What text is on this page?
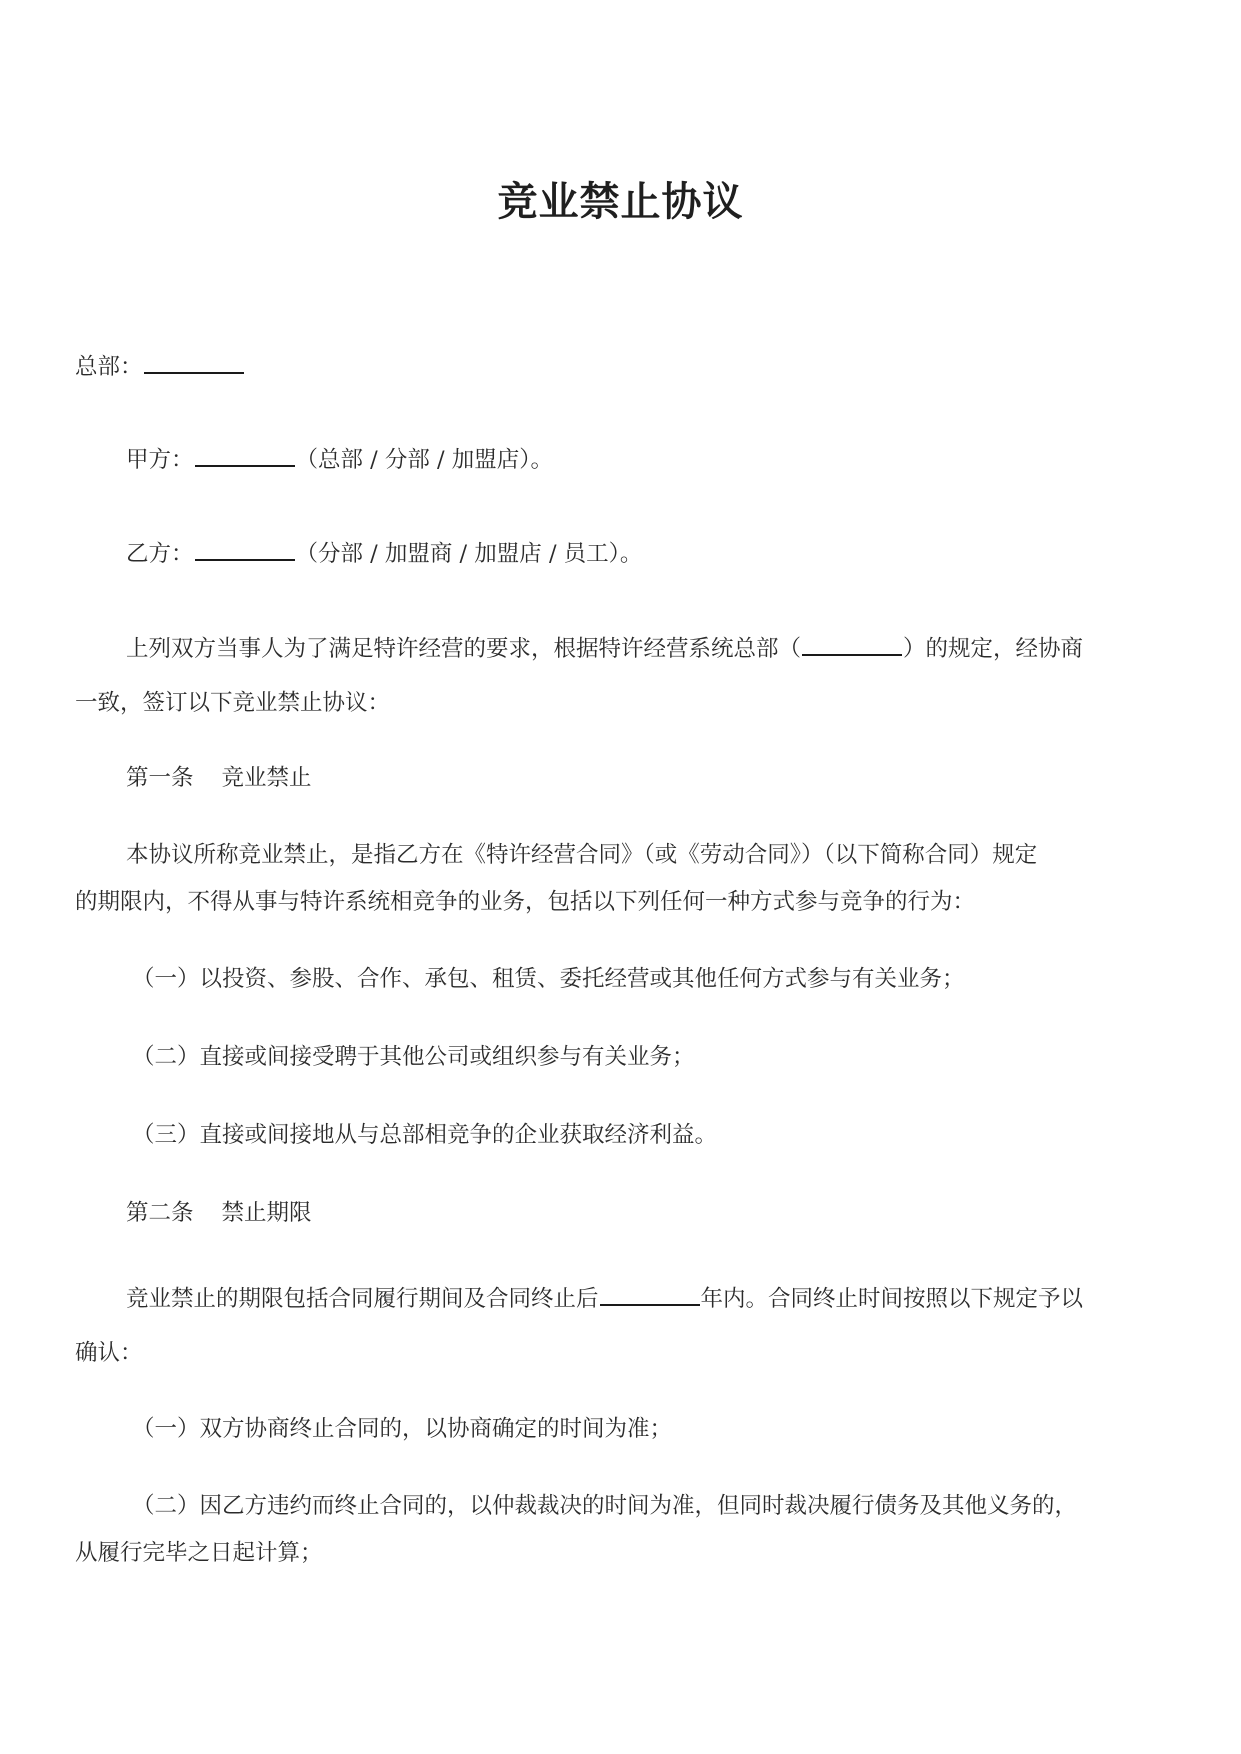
竞业禁止协议
总部：
甲方：	（总部 / 分部 / 加盟店）。
乙方：	（分部 / 加盟商 / 加盟店 / 员工）。
上列双方当事人为了满足特许经营的要求，根据特许经营系统总部（	）的规定，经协商
一致，签订以下竞业禁止协议：
第一条 竞业禁止
本协议所称竞业禁止，是指乙方在《特许经营合同》（或《劳动合同》）（以下简称合同）规定
的期限内，不得从事与特许系统相竞争的业务，包括以下列任何一种方式参与竞争的行为：
（一）以投资、参股、合作、承包、租赁、委托经营或其他任何方式参与有关业务；
（二）直接或间接受聘于其他公司或组织参与有关业务；
（三）直接或间接地从与总部相竞争的企业获取经济利益。
第二条 禁止期限
竞业禁止的期限包括合同履行期间及合同终止后	年内。合同终止时间按照以下规定予以
确认：
（一）双方协商终止合同的，以协商确定的时间为准；
（二）因乙方违约而终止合同的，以仲裁裁决的时间为准，但同时裁决履行债务及其他义务的，
从履行完毕之日起计算；
